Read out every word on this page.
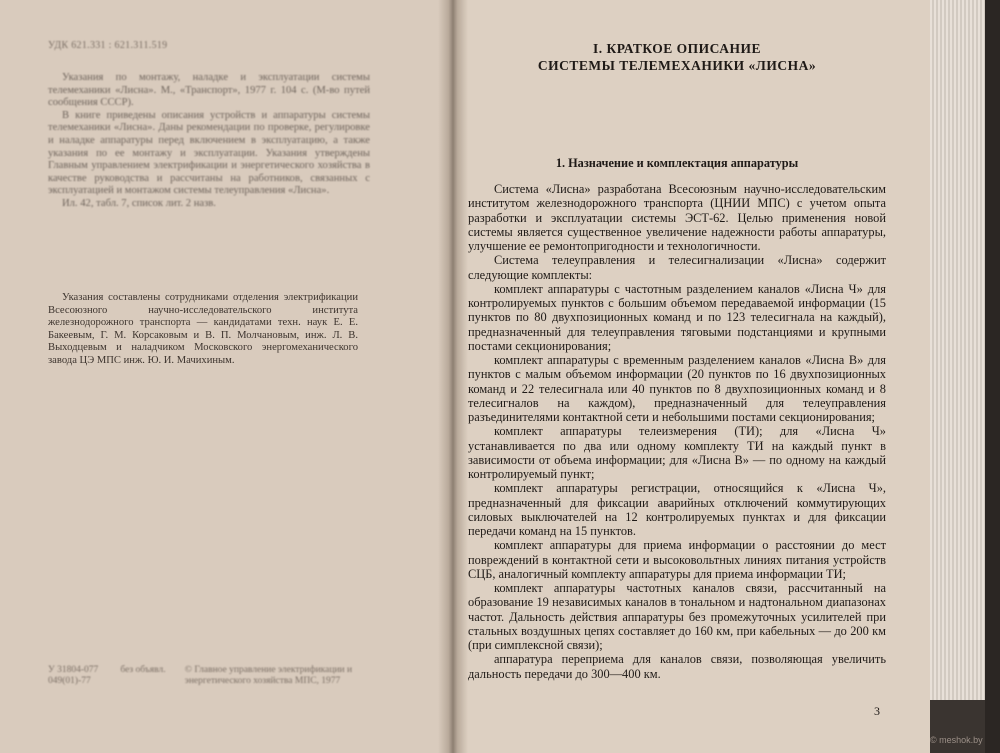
УДК 621.331 : 621.311.519

Указания по монтажу, наладке и эксплуатации системы телемеханики «Лисна». М., «Транспорт», 1977 г. 104 с. (М-во путей сообщения СССР).

В книге приведены описания устройств и аппаратуры системы телемеханики «Лисна». Даны рекомендации по проверке, регулировке и наладке аппаратуры перед включением в эксплуатацию, а также указания по ее монтажу и эксплуатации. Указания утверждены Главным управлением электрификации и энергетического хозяйства в качестве руководства и рассчитаны на работников, связанных с эксплуатацией и монтажом системы телеуправления «Лисна».

Ил. 42, табл. 7, список лит. 2 назв.

Указания составлены сотрудниками отделения электрификации Всесоюзного научно-исследовательского института железнодорожного транспорта — кандидатами техн. наук Е. Е. Бакеевым, Г. М. Корсаковым и В. П. Молчановым, инж. Л. В. Выходцевым и наладчиком Московского энергомеханического завода ЦЭ МПС инж. Ю. И. Мачихиным.

У 31804-077
049(01)-77

без объявл.
	© Главное управление электрификации и энергетического хозяйства МПС, 1977
I. КРАТКОЕ ОПИСАНИЕ
СИСТЕМЫ ТЕЛЕМЕХАНИКИ «ЛИСНА»
1. Назначение и комплектация аппаратуры

Система «Лисна» разработана Всесоюзным научно-исследовательским институтом железнодорожного транспорта (ЦНИИ МПС) с учетом опыта разработки и эксплуатации системы ЭСТ-62. Целью применения новой системы является существенное увеличение надежности работы аппаратуры, улучшение ее ремонтопригодности и технологичности.

Система телеуправления и телесигнализации «Лисна» содержит следующие комплекты:

комплект аппаратуры с частотным разделением каналов «Лисна Ч» для контролируемых пунктов с большим объемом передаваемой информации (15 пунктов по 80 двухпозиционных команд и по 123 телесигнала на каждый), предназначенный для телеуправления тяговыми подстанциями и крупными постами секционирования;

комплект аппаратуры с временным разделением каналов «Лисна В» для пунктов с малым объемом информации (20 пунктов по 16 двухпозиционных команд и 22 телесигнала или 40 пунктов по 8 двухпозиционных команд и 8 телесигналов на каждом), предназначенный для телеуправления разъединителями контактной сети и небольшими постами секционирования;

комплект аппаратуры телеизмерения (ТИ); для «Лисна Ч» устанавливается по два или одному комплекту ТИ на каждый пункт в зависимости от объема информации; для «Лисна В» — по одному на каждый контролируемый пункт;

комплект аппаратуры регистрации, относящийся к «Лисна Ч», предназначенный для фиксации аварийных отключений коммутирующих силовых выключателей на 12 контролируемых пунктах и для фиксации передачи команд на 15 пунктов.

комплект аппаратуры для приема информации о расстоянии до мест повреждений в контактной сети и высоковольтных линиях питания устройств СЦБ, аналогичный комплекту аппаратуры для приема информации ТИ;

комплект аппаратуры частотных каналов связи, рассчитанный на образование 19 независимых каналов в тональном и надтональном диапазонах частот. Дальность действия аппаратуры без промежуточных усилителей при стальных воздушных цепях составляет до 160 км, при кабельных — до 200 км (при симплексной связи);

аппаратура переприема для каналов связи, позволяющая увеличить дальность передачи до 300—400 км.

3
© meshok.by
